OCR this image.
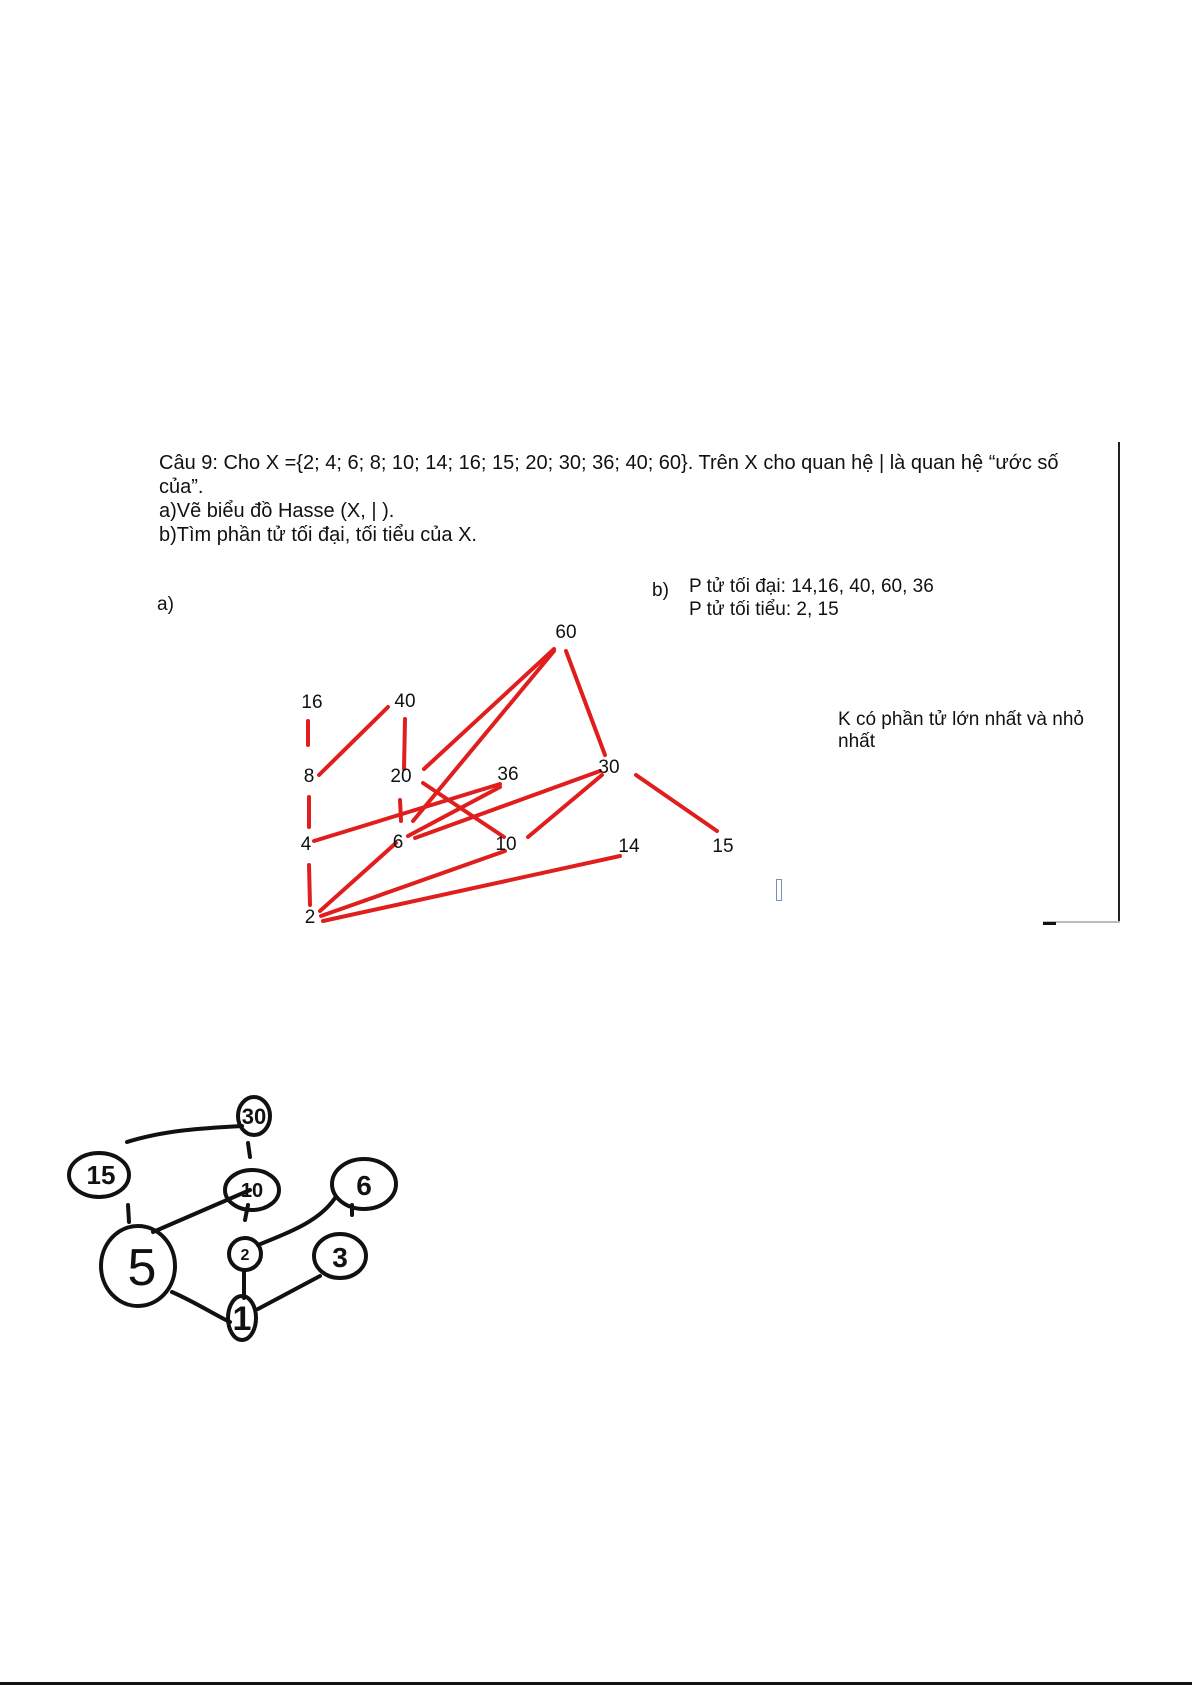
Câu 9: Cho X ={2; 4; 6; 8; 10; 14; 16; 15; 20; 30; 36; 40; 60}. Trên X cho quan hệ | là quan hệ “ước số

của”.

a)Vẽ biểu đồ Hasse (X, | ).

b)Tìm phần tử tối đại, tối tiểu của X.

a)
b) P tử tối đại: 14,16, 40, 60, 36

P tử tối tiểu: 2, 15

K có phần tử lớn nhất và nhỏ nhất
2
4	6
8
10	14	15
16
20	30
36
40
60
30
15
10	6
5	2	3
1
